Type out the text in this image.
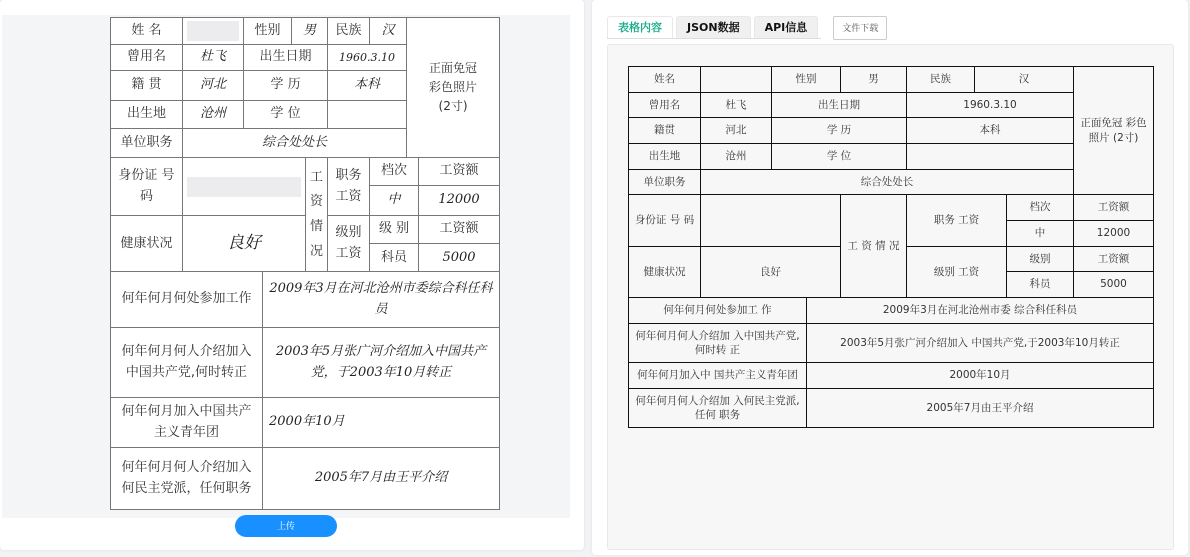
姓 名		性别	男		民族	汉	正面免冠 彩色照片 (2寸)	
曾用名	杜飞	出生日期			1960.3.10			
籍 贯	河北	学 历			本科			
出生地	沧州	学 位						
单位职务	综合处处长							
身份证 号 码				工资情况	职务工资	档次		工资额
						中		12000
健康状况	良好				级别工资	级 别		工资额
						科员		5000
何年何月何处参加工作	2009年3月在河北沧州市委综合科任科员
何年何月何人介绍加入中国共产党,何时转正	2003年5月张广河介绍加入中国共产党，于2003年10月转正
何年何月加入中国共产主义青年团	2000年10月
何年何月何人介绍加入何民主党派，任何职务	2005年7月由王平介绍
上传
表格内容	JSON数据	API信息	文件下载
姓名		性别	男	民族	汉		正面免冠 彩色照片 (2寸)
曾用名	杜飞	出生日期		1960.3.10			
籍贯	河北	学 历		本科			
出生地	沧州	学 位					
单位职务	综合处处长						
身份证 号 码			工 资 情 况	职务 工资		档次	工资额
						中	12000
健康状况	良好			级别 工资		级别	工资额
						科员	5000
何年何月何处参加工 作	2009年3月在河北沧州市委 综合科任科员
何年何月何人介绍加 入中国共产党,何时转 正	2003年5月张广河介绍加入 中国共产党,于2003年10月转正
何年何月加入中 国共产主义青年团	2000年10月
何年何月何人介绍加 入何民主党派,任何 职务	2005年7月由王平介绍
